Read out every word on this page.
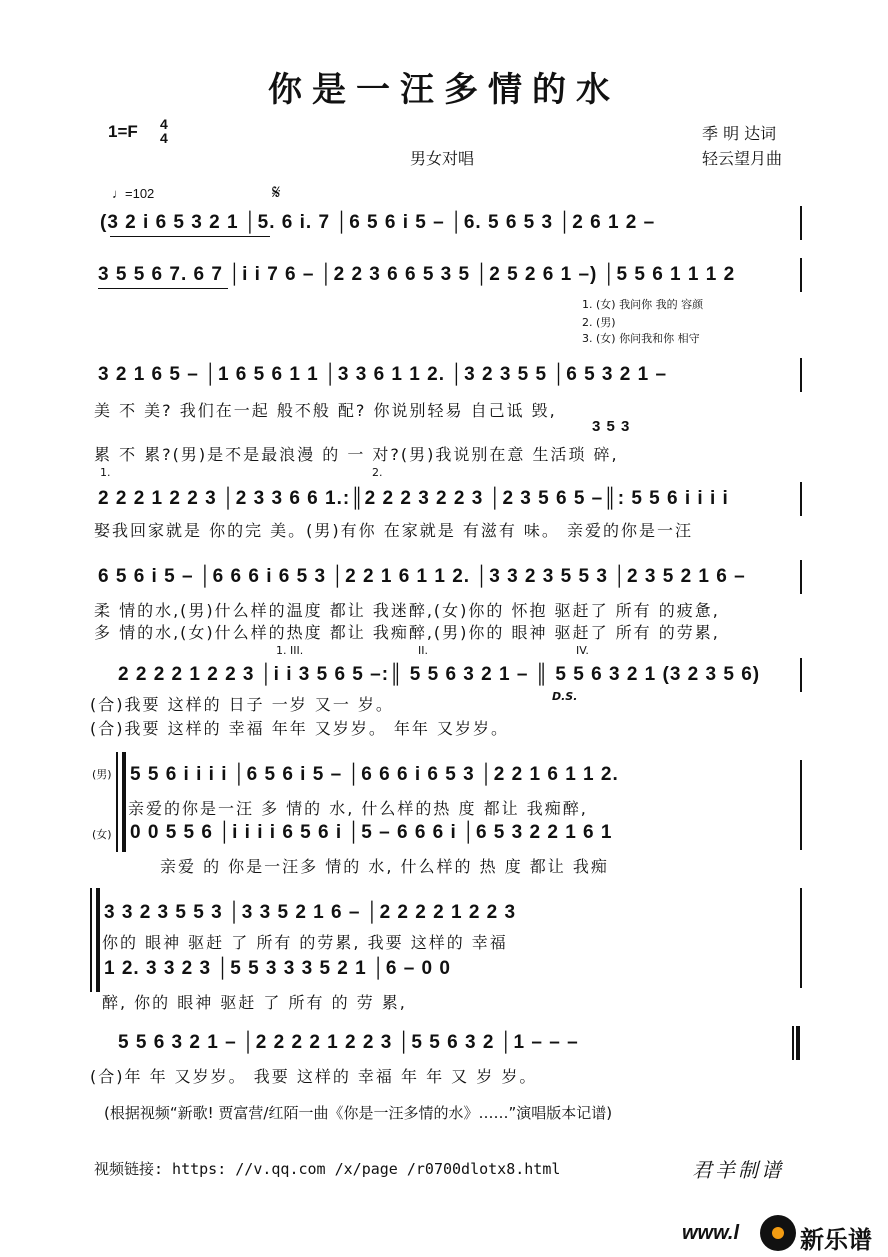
你是一汪多情的水
1=F 4
4	季 明 达词
轻云望月曲
男女对唱
♩=102	𝄋
(3 2 i 6 5 3 2 1 │5. 6 i. 7 │6 5 6 i 5 – │6. 5 6 5 3 │2 6 1 2 –
3 5 5 6 7. 6 7 │i i 7 6 – │2 2 3 6 6 5 3 5 │2 5 2 6 1 –) │5 5 6 1 1 1 2
1. (女) 我问你 我的 容颜
2. (男)
3. (女) 你问我和你 相守
3 2 1 6 5 – │1 6 5 6 1 1 │3 3 6 1 1 2. │3 2 3 5 5 │6 5 3 2 1 –
美 不 美? 我们在一起 般不般 配? 你说别轻易 自己诋 毁,
3 5 3
累 不 累?(男)是不是最浪漫 的 一 对?(男)我说别在意 生活琐 碎,
1.	2.
2 2 2 1 2 2 3 │2 3 3 6 6 1.:║2 2 2 3 2 2 3 │2 3 5 6 5 –║: 5 5 6 i i i i
娶我回家就是 你的完 美。(男)有你 在家就是 有滋有 味。 亲爱的你是一汪
6 5 6 i 5 – │6 6 6 i 6 5 3 │2 2 1 6 1 1 2. │3 3 2 3 5 5 3 │2 3 5 2 1 6 –
柔 情的水,(男)什么样的温度 都让 我迷醉,(女)你的 怀抱 驱赶了 所有 的疲惫,
多 情的水,(女)什么样的热度 都让 我痴醉,(男)你的 眼神 驱赶了 所有 的劳累,
1. III.	II.	IV.
2 2 2 2 1 2 2 3 │i i 3 5 6 5 –:║ 5 5 6 3 2 1 – ║ 5 5 6 3 2 1 (3 2 3 5 6)
D.S.
(合)我要 这样的 日子 一岁 又一 岁。
(合)我要 这样的 幸福 年年 又岁岁。 年年 又岁岁。
(男)
(女)
5 5 6 i i i i │6 5 6 i 5 – │6 6 6 i 6 5 3 │2 2 1 6 1 1 2.
亲爱的你是一汪 多 情的 水, 什么样的热 度 都让 我痴醉,
0 0 5 5 6 │i i i i 6 5 6 i │5 – 6 6 6 i │6 5 3 2 2 1 6 1
亲爱 的 你是一汪多 情的 水, 什么样的 热 度 都让 我痴
3 3 2 3 5 5 3 │3 3 5 2 1 6 – │2 2 2 2 1 2 2 3
你的 眼神 驱赶 了 所有 的劳累, 我要 这样的 幸福
1 2. 3 3 2 3 │5 5 3 3 3 5 2 1 │6 – 0 0
醉, 你的 眼神 驱赶 了 所有 的 劳 累,
5 5 6 3 2 1 – │2 2 2 2 1 2 2 3 │5 5 6 3 2 │1 – – –
(合)年 年 又岁岁。 我要 这样的 幸福 年 年 又 岁 岁。
(根据视频“新歌! 贾富营/红陌一曲《你是一汪多情的水》……”演唱版本记谱)
视频链接: https: //v.qq.com /x/page /r0700dlotx8.html	君羊制谱
www.l	新乐谱
